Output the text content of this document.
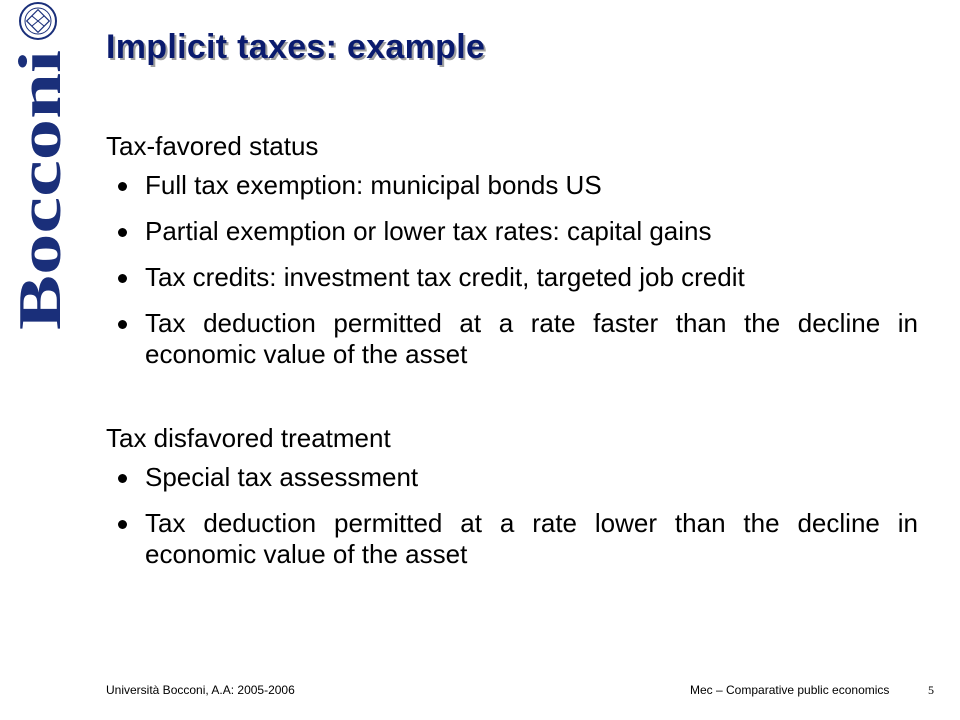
Bocconi
Implicit taxes: example

Tax-favored status

Full tax exemption: municipal bonds US
Partial exemption or lower tax rates: capital gains
Tax credits: investment tax credit, targeted job credit
Tax deduction permitted at a rate faster than the decline in economic value of the asset

Tax disfavored treatment

Special tax assessment
Tax deduction permitted at a rate lower than the decline in economic value of the asset
Università Bocconi, A.A: 2005-2006	Mec – Comparative public economics	5
